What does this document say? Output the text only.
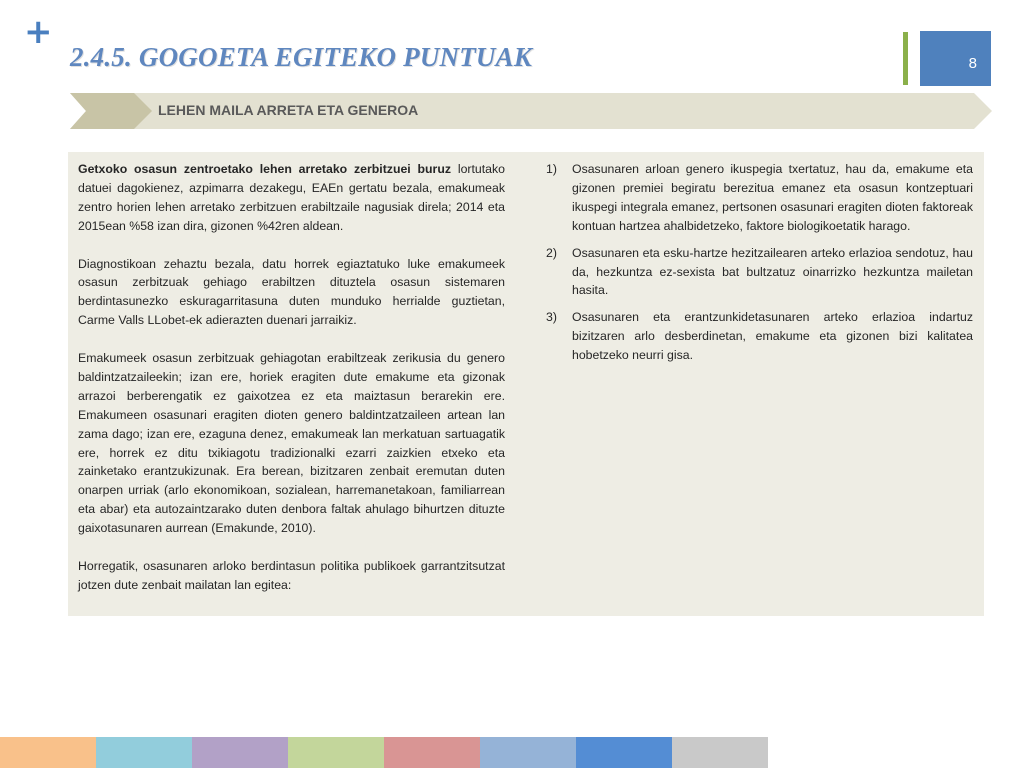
+
2.4.5. GOGOETA EGITEKO PUNTUAK	8
LEHEN MAILA ARRETA ETA GENEROA

Getxoko osasun zentroetako lehen arretako zerbitzuei buruz lortutako datuei dagokienez, azpimarra dezakegu, EAEn gertatu bezala, emakumeak zentro horien lehen arretako zerbitzuen erabiltzaile nagusiak direla; 2014 eta 2015ean %58 izan dira, gizonen %42ren aldean.

Diagnostikoan zehaztu bezala, datu horrek egiaztatuko luke emakumeek osasun zerbitzuak gehiago erabiltzen dituztela osasun sistemaren berdintasunezko eskuragarritasuna duten munduko herrialde guztietan, Carme Valls LLobet-ek adierazten duenari jarraikiz.

Emakumeek osasun zerbitzuak gehiagotan erabiltzeak zerikusia du genero baldintzatzaileekin; izan ere, horiek eragiten dute emakume eta gizonak arrazoi berberengatik ez gaixotzea ez eta maiztasun berarekin ere. Emakumeen osasunari eragiten dioten genero baldintzatzaileen artean lan zama dago; izan ere, ezaguna denez, emakumeak lan merkatuan sartuagatik ere, horrek ez ditu txikiagotu tradizionalki ezarri zaizkien etxeko eta zainketako erantzukizunak. Era berean, bizitzaren zenbait eremutan duten onarpen urriak (arlo ekonomikoan, sozialean, harremanetakoan, familiarrean eta abar) eta autozaintzarako duten denbora faltak ahulago bihurtzen dituzte gaixotasunaren aurrean (Emakunde, 2010).

Horregatik, osasunaren arloko berdintasun politika publikoek garrantzitsutzat jotzen dute zenbait mailatan lan egitea:

1) Osasunaren arloan genero ikuspegia txertatuz, hau da, emakume eta gizonen premiei begiratu berezitua emanez eta osasun kontzeptuari ikuspegi integrala emanez, pertsonen osasunari eragiten dioten faktoreak kontuan hartzea ahalbidetzeko, faktore biologikoetatik harago.
2) Osasunaren eta esku-hartze hezitzailearen arteko erlazioa sendotuz, hau da, hezkuntza ez-sexista bat bultzatuz oinarrizko hezkuntza mailetan hasita.
3) Osasunaren eta erantzunkidetasunaren arteko erlazioa indartuz bizitzaren arlo desberdinetan, emakume eta gizonen bizi kalitatea hobetzeko neurri gisa.
